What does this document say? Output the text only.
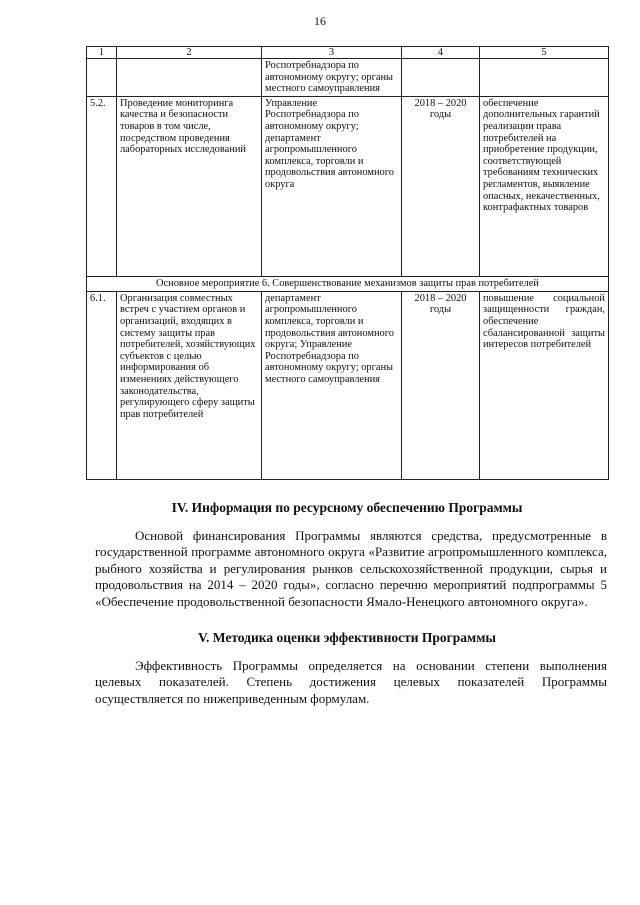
16
1	2	3	4	5
		Роспотребнадзора по автономному округу; органы местного самоуправления		
5.2.	Проведение мониторинга качества и безопасности товаров в том числе, посредством проведения лабораторных исследований	Управление Роспотребнадзора по автономному округу; департамент агропромышленного комплекса, торговли и продовольствия автономного округа	2018 – 2020 годы	обеспечение дополнительных гарантий реализации права потребителей на приобретение продукции, соответствующей требованиям технических регламентов, выявление опасных, некачественных, контрафактных товаров
Основное мероприятие 6. Совершенствование механизмов защиты прав потребителей				
6.1.	Организация совместных встреч с участием органов и организаций, входящих в систему защиты прав потребителей, хозяйствующих субъектов с целью информирования об изменениях действующего законодательства, регулирующего сферу защиты прав потребителей	департамент агропромышленного комплекса, торговли и продовольствия автономного округа; Управление Роспотребнадзора по автономному округу; органы местного самоуправления	2018 – 2020 годы	повышение социальной защищенности граждан, обеспечение сбалансированной защиты интересов потребителей
IV. Информация по ресурсному обеспечению Программы

Основой финансирования Программы являются средства, предусмотренные в государственной программе автономного округа «Развитие агропромышленного комплекса, рыбного хозяйства и регулирования рынков сельскохозяйственной продукции, сырья и продовольствия на 2014 – 2020 годы», согласно перечню мероприятий подпрограммы 5 «Обеспечение продовольственной безопасности Ямало-Ненецкого автономного округа».

V. Методика оценки эффективности Программы

Эффективность Программы определяется на основании степени выполнения целевых показателей. Степень достижения целевых показателей Программы осуществляется по нижеприведенным формулам.
